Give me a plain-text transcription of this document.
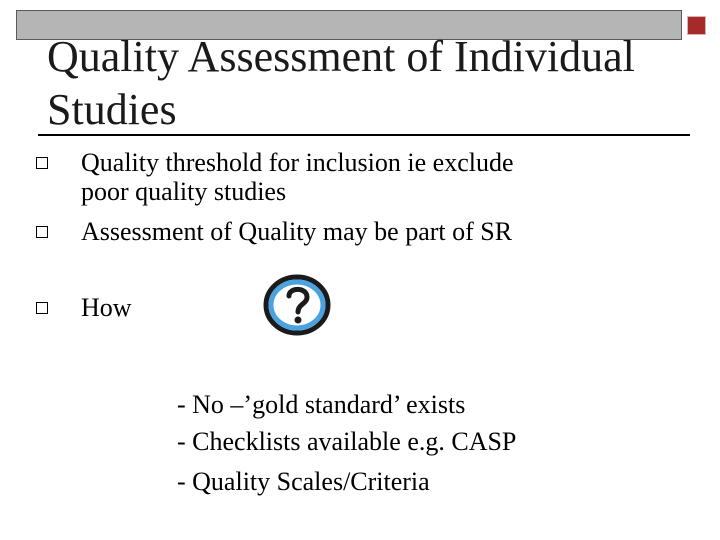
Quality Assessment of Individual
Studies
Quality threshold for inclusion ie exclude
poor quality studies
Assessment of Quality may be part of SR
How
- No –’gold standard’ exists
- Checklists available e.g. CASP
- Quality Scales/Criteria
